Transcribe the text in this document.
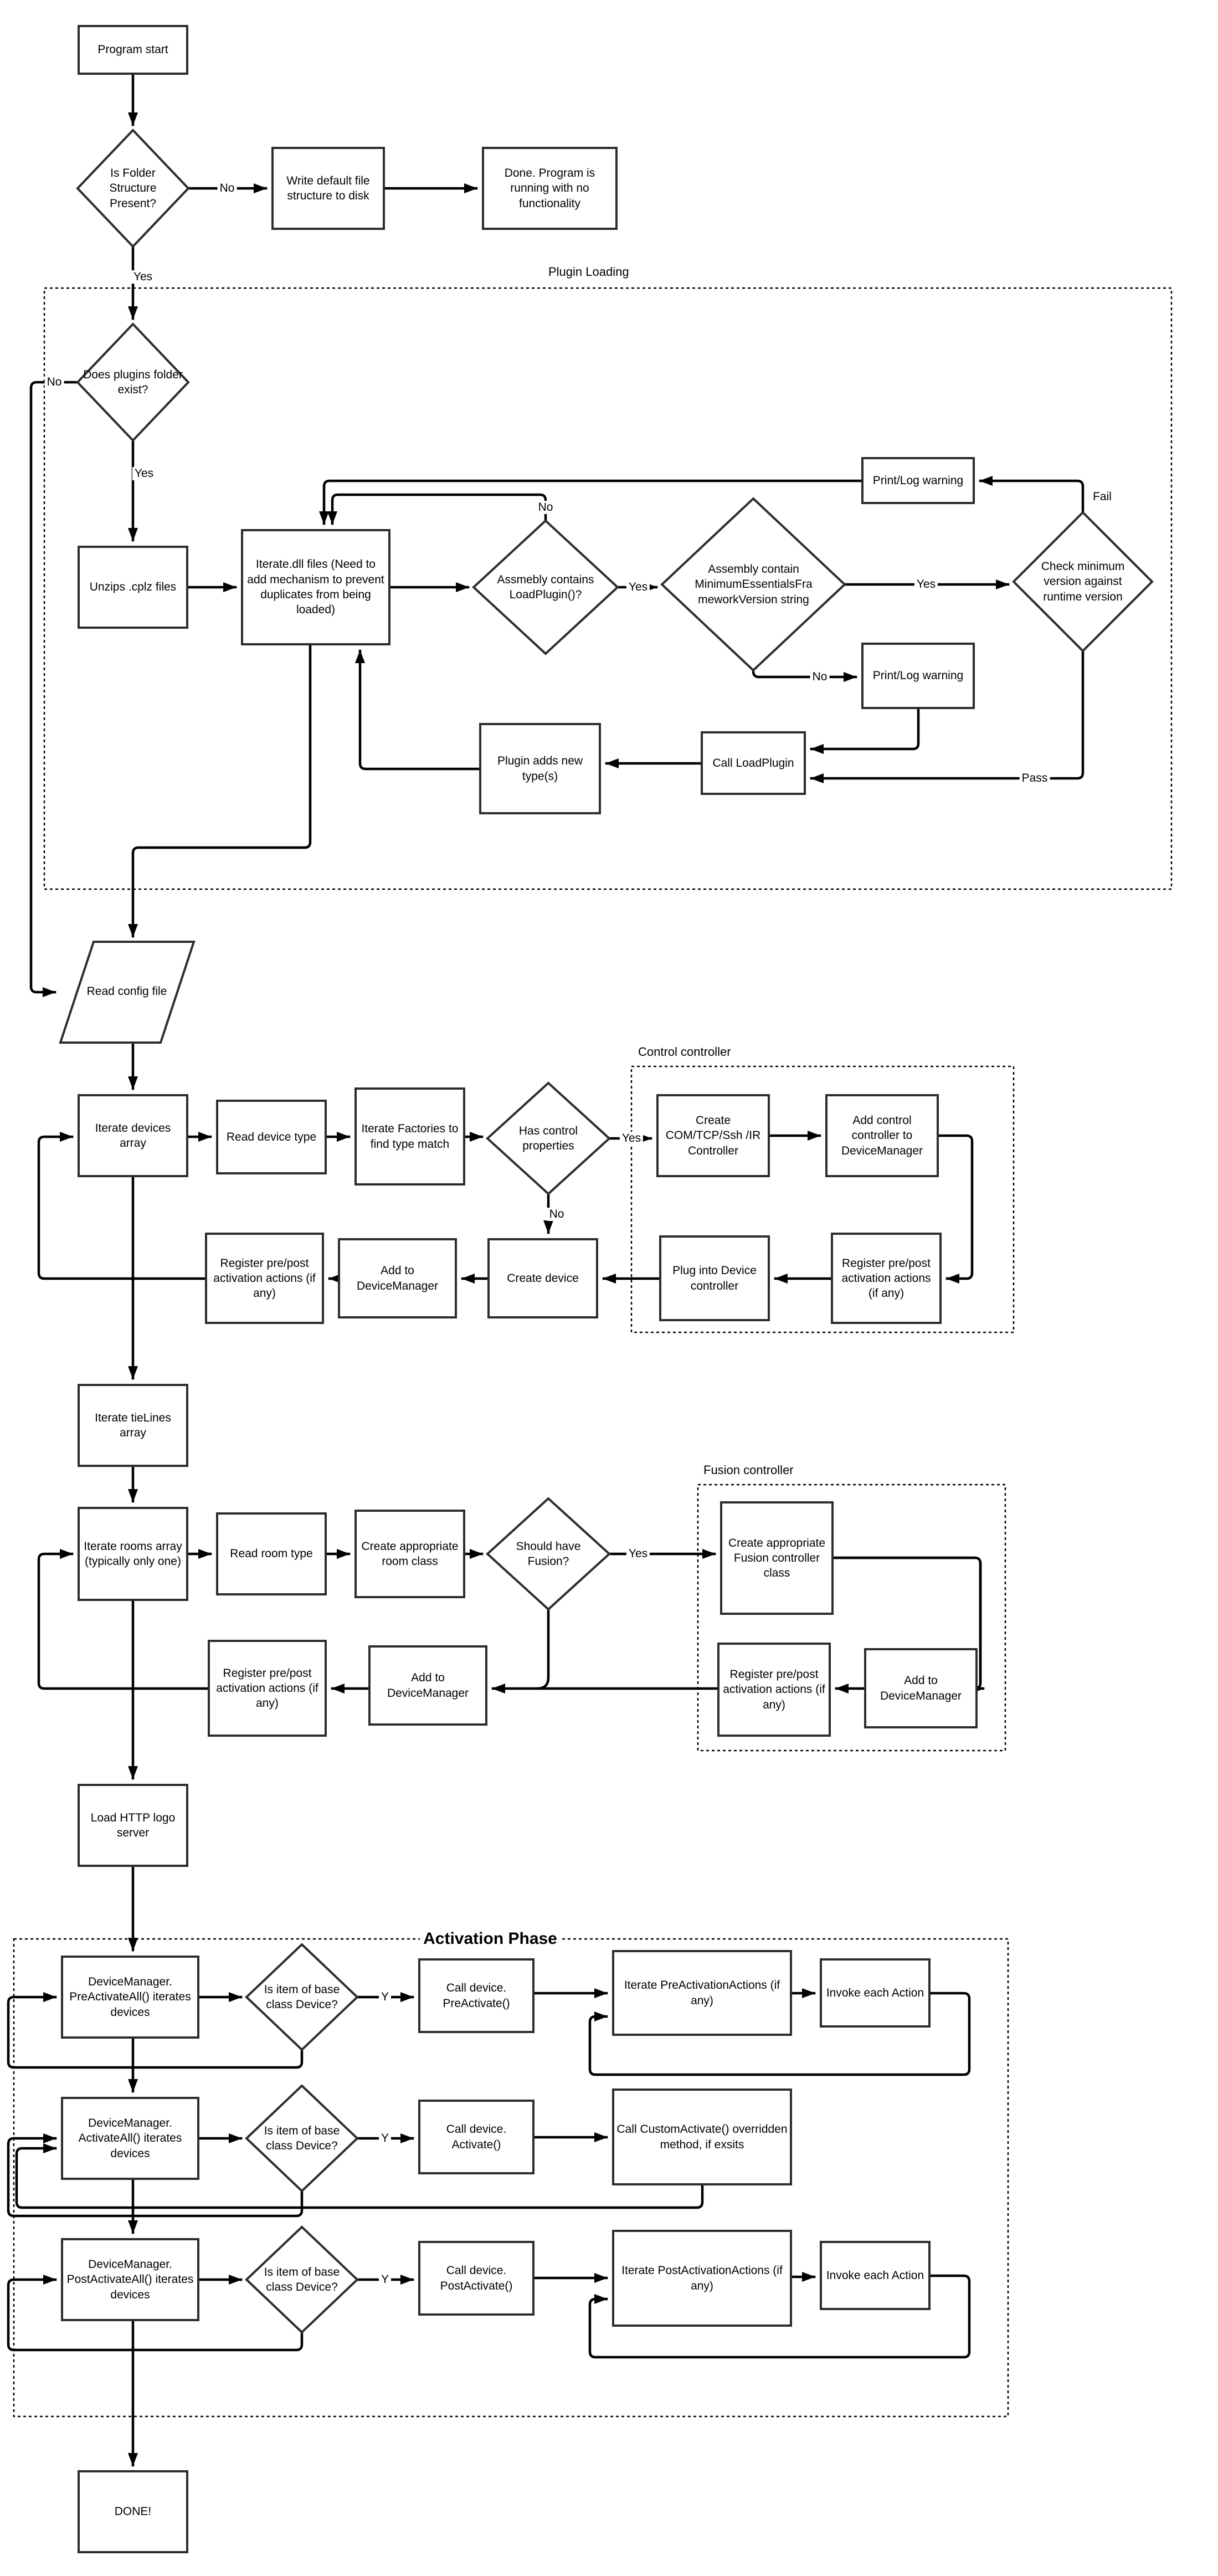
Plugin Loading
Control controller
Fusion controller
Activation Phase
Program start
Write default file structure to disk
Done. Program is running with no functionality
Unzips .cplz files
Iterate.dll files (Need to add mechanism to prevent duplicates from being loaded)
Print/Log warning
Print/Log warning
Call LoadPlugin
Plugin adds new type(s)
Iterate devices array	Read device type
Iterate Factories to find type match
Create COM/TCP/Ssh /IR Controller
Add control controller to DeviceManager
Register pre/post activation actions (if any)
Plug into Device controller
Create device
Add to DeviceManager
Register pre/post activation actions (if any)
Iterate tieLines array
Iterate rooms array (typically only one)
Read room type
Create appropriate room class
Create appropriate Fusion controller class
Register pre/post activation actions (if any)
Add to DeviceManager
Register pre/post activation actions (if any)
Add to DeviceManager
Load HTTP logo server
DeviceManager. PreActivateAll() iterates devices
Call device. PreActivate()
Iterate PreActivationActions (if any)
Invoke each Action
DeviceManager. ActivateAll() iterates devices
Call device. Activate()
Call CustomActivate() overridden method, if exsits
DeviceManager. PostActivateAll() iterates devices
Call device. PostActivate()
Iterate PostActivationActions (if any)
Invoke each Action
DONE!
Is Folder Structure Present?
Does plugins folder exist?
Assmebly contains LoadPlugin()?
Assembly contain MinimumEssentialsFrameworkVersion string
Check minimum version against runtime version
Has control properties
Should have Fusion?
Read config file
Is item of base class Device?
Is item of base class Device?
Is item of base class Device?
No
Yes
No
Yes
No
Yes	Yes
No
Fail
Pass
Yes
No
Yes
Y
Y
Y
